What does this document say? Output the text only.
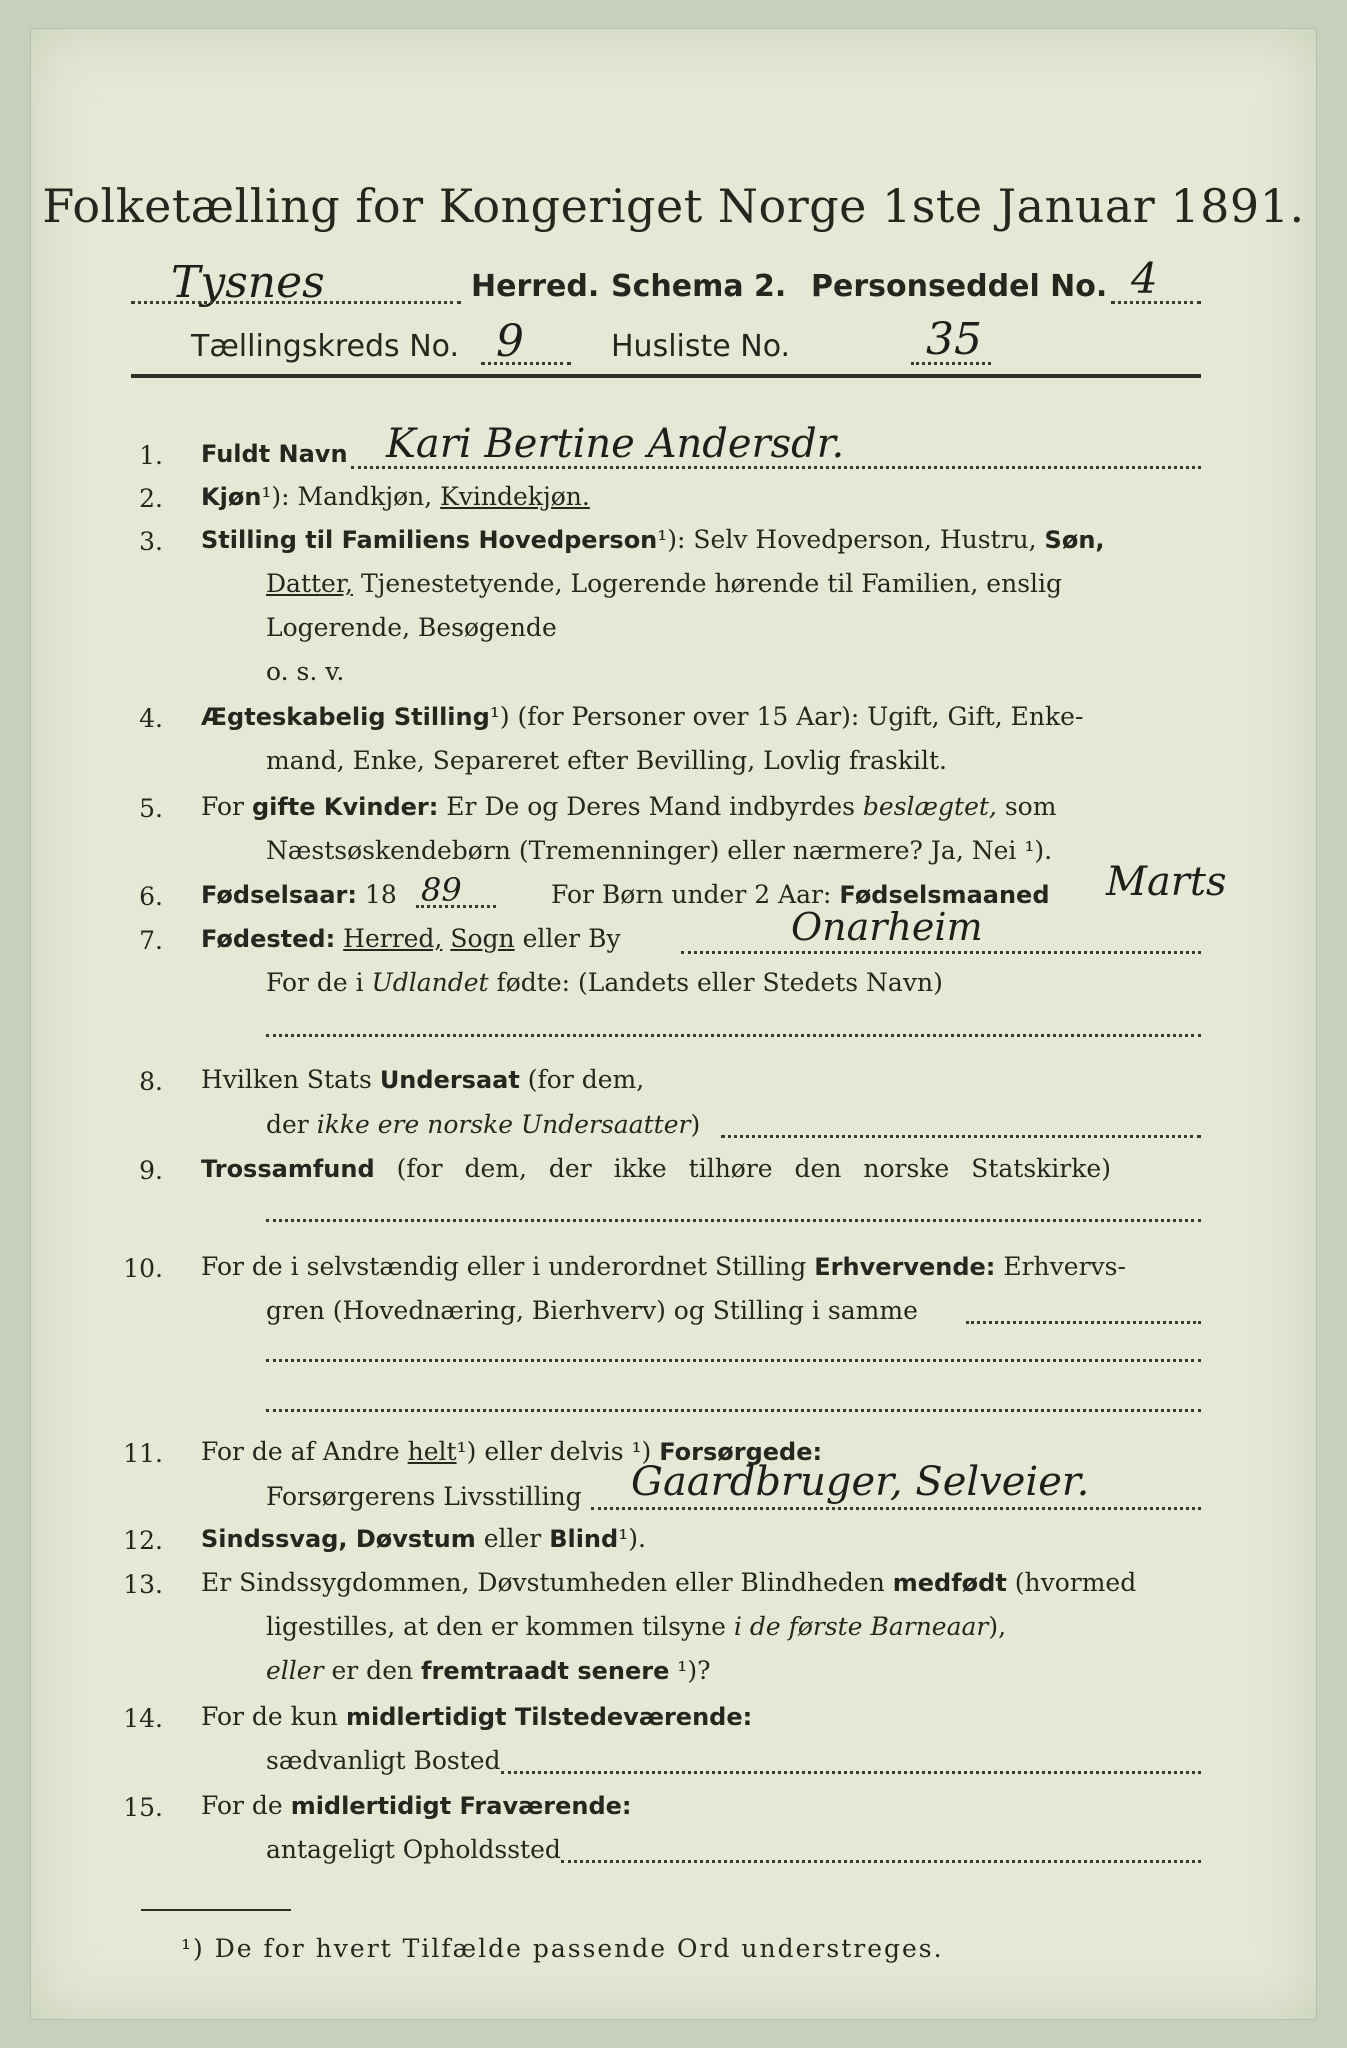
Folketælling for Kongeriget Norge 1ste Januar 1891.
Tysnes	Herred. Schema 2. Personseddel No. 4
Tællingskreds No. 9	Husliste No.	35
1. Fuldt Navn Kari Bertine Andersdr.
2. Kjøn¹): Mandkjøn, Kvindekjøn.
3. Stilling til Familiens Hovedperson¹): Selv Hovedperson, Hustru, Søn,
Datter, Tjenestetyende, Logerende hørende til Familien, enslig
Logerende, Besøgende
o. s. v.
4. Ægteskabelig Stilling¹) (for Personer over 15 Aar): Ugift, Gift, Enke-
mand, Enke, Separeret efter Bevilling, Lovlig fraskilt.
5. For gifte Kvinder: Er De og Deres Mand indbyrdes beslægtet, som
Næstsøskendebørn (Tremenninger) eller nærmere? Ja, Nei ¹).
6. Fødselsaar: 18 89	For Børn under 2 Aar: Fødselsmaaned Marts
7. Fødested: Herred, Sogn eller By	Onarheim
For de i Udlandet fødte: (Landets eller Stedets Navn)
8. Hvilken Stats Undersaat (for dem,
der ikke ere norske Undersaatter)
9. Trossamfund (for dem, der ikke tilhøre den norske Statskirke)
10. For de i selvstændig eller i underordnet Stilling Erhvervende: Erhvervs-
gren (Hovednæring, Bierhverv) og Stilling i samme
11. For de af Andre helt¹) eller delvis ¹) Forsørgede:
Forsørgerens Livsstilling Gaardbruger, Selveier.
12. Sindssvag, Døvstum eller Blind¹).
13. Er Sindssygdommen, Døvstumheden eller Blindheden medfødt (hvormed
ligestilles, at den er kommen tilsyne i de første Barneaar),
eller er den fremtraadt senere ¹)?
14. For de kun midlertidigt Tilstedeværende:
sædvanligt Bosted
15. For de midlertidigt Fraværende:
antageligt Opholdssted
¹) De for hvert Tilfælde passende Ord understreges.
